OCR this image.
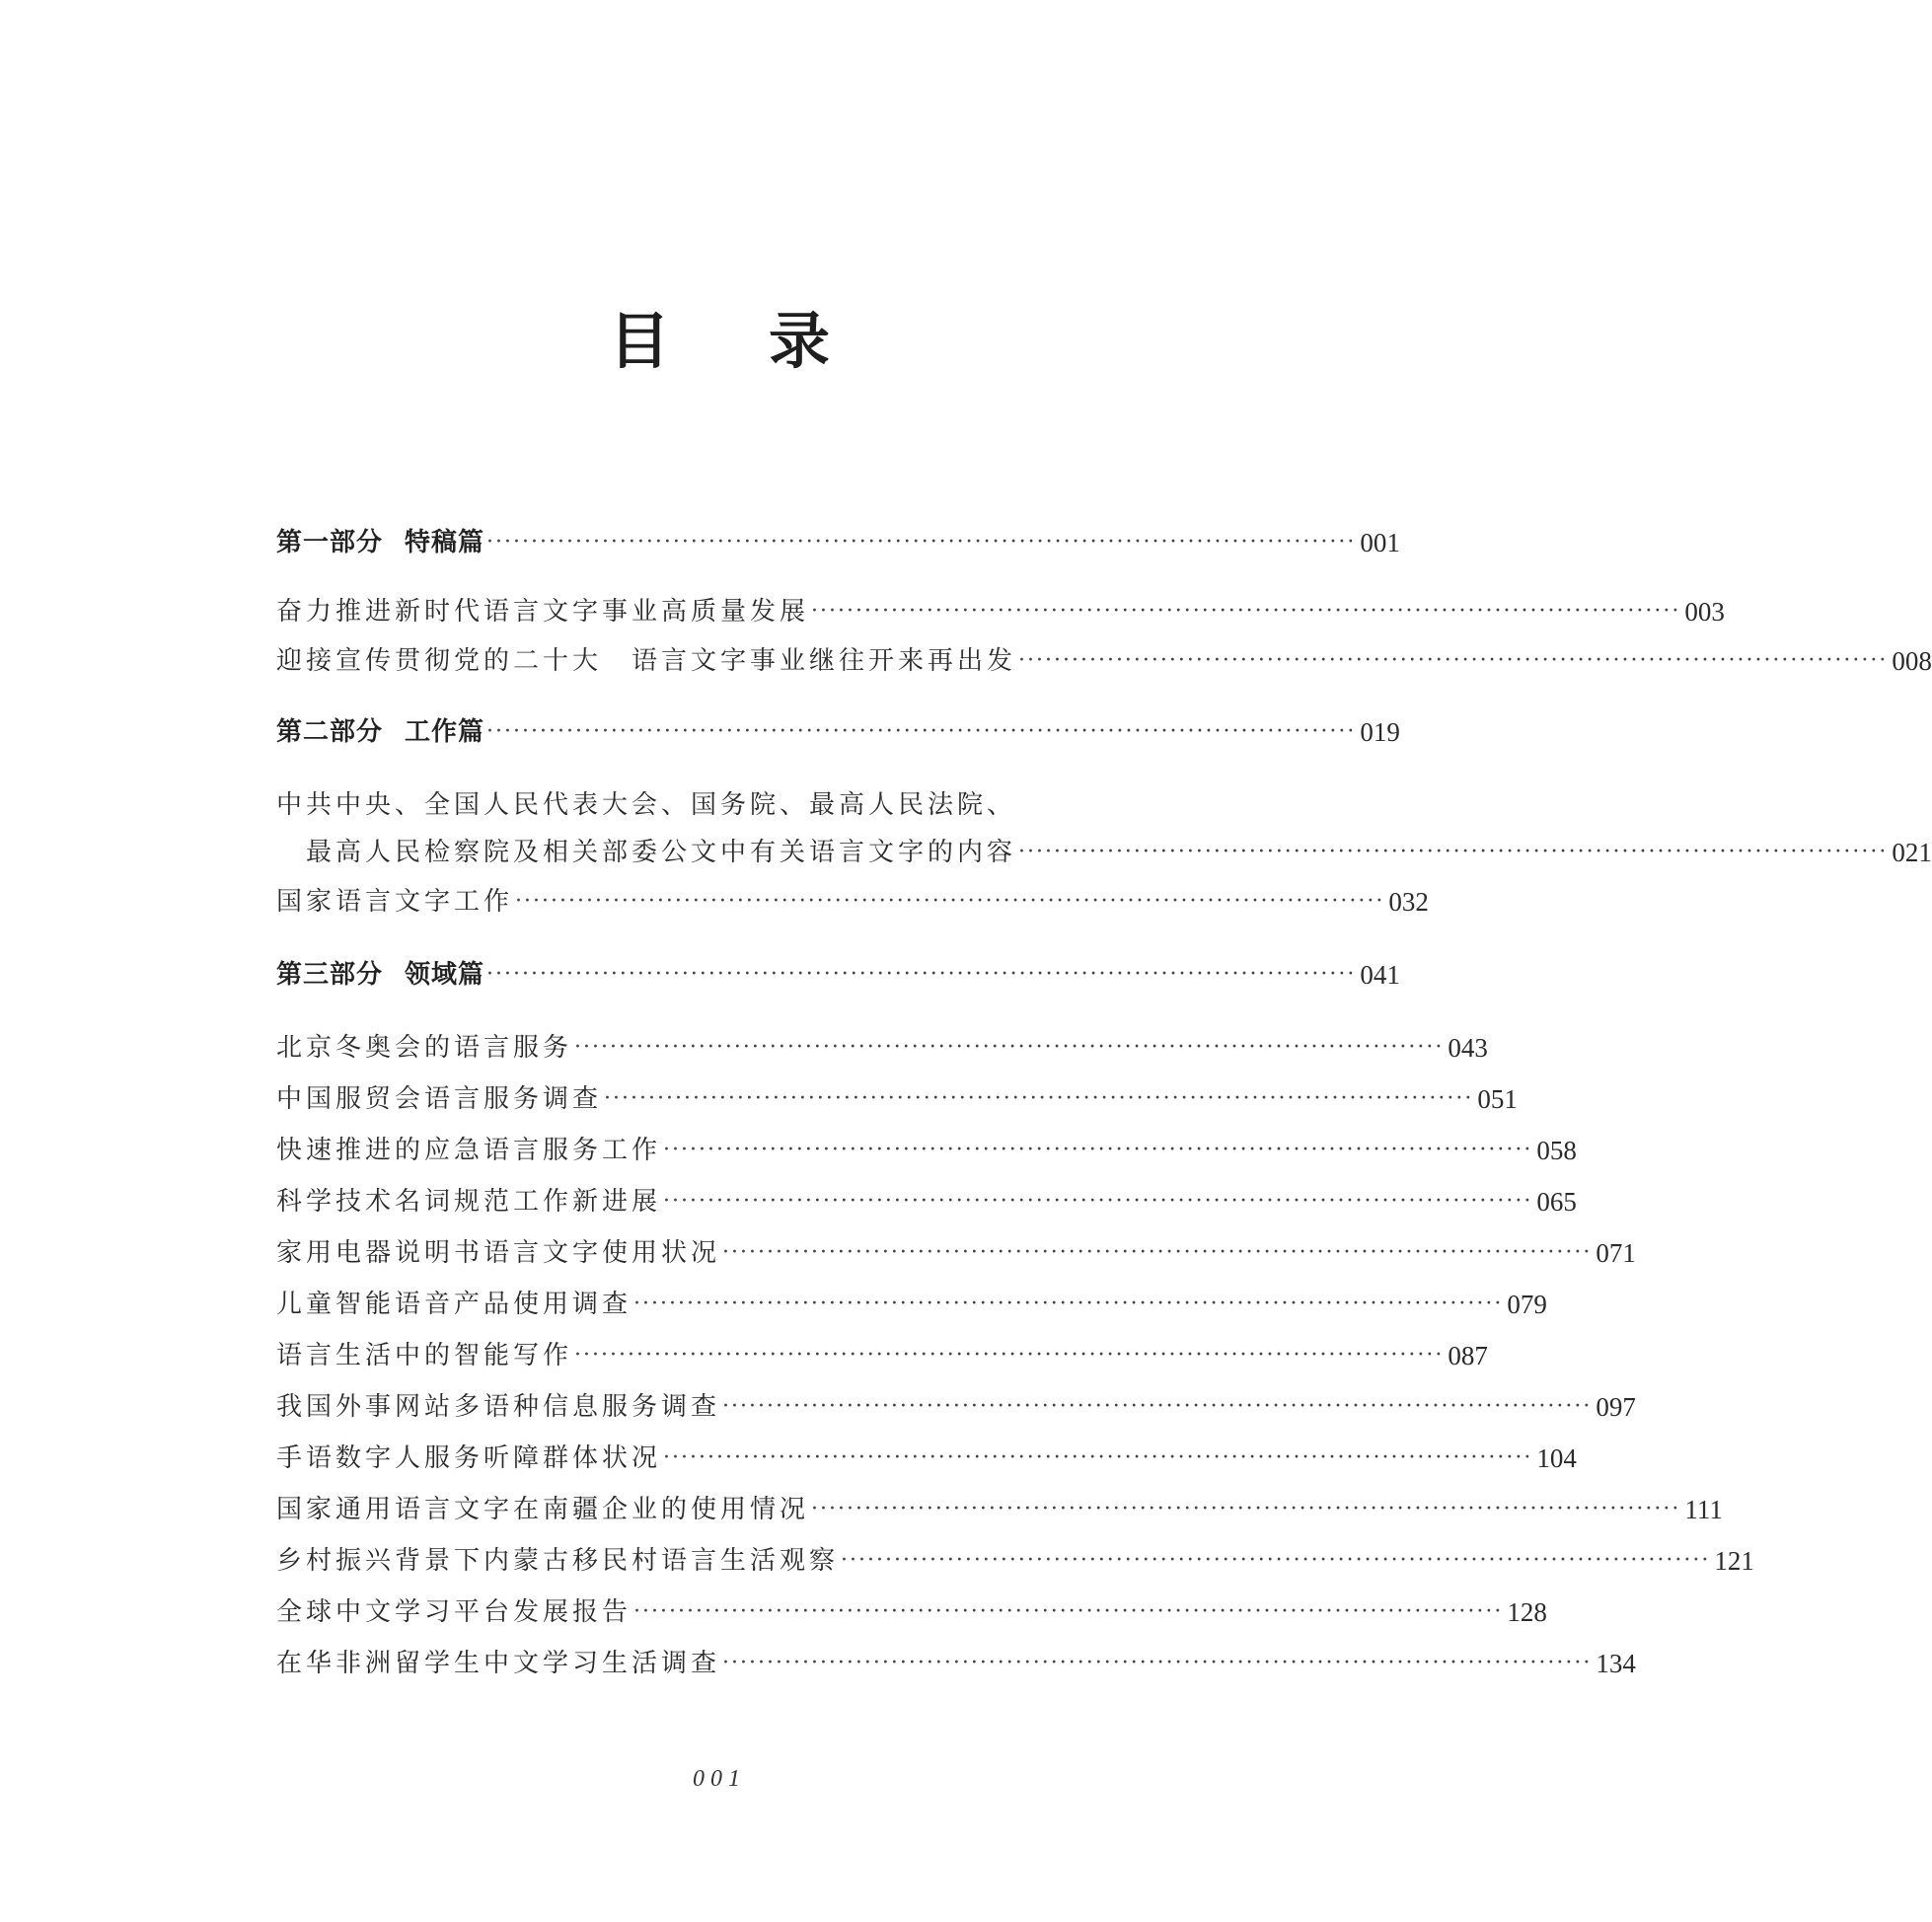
目录
第一部分 特稿篇 ·································································································· 001
奋力推进新时代语言文字事业高质量发展 ·································································································· 003
迎接宣传贯彻党的二十大　语言文字事业继往开来再出发 ·································································································· 008
第二部分 工作篇 ·································································································· 019
中共中央、全国人民代表大会、国务院、最高人民法院、
最高人民检察院及相关部委公文中有关语言文字的内容 ·································································································· 021
国家语言文字工作 ·································································································· 032
第三部分 领域篇 ·································································································· 041
北京冬奥会的语言服务 ·································································································· 043
中国服贸会语言服务调查 ·································································································· 051
快速推进的应急语言服务工作 ·································································································· 058
科学技术名词规范工作新进展 ·································································································· 065
家用电器说明书语言文字使用状况 ·································································································· 071
儿童智能语音产品使用调查 ·································································································· 079
语言生活中的智能写作 ·································································································· 087
我国外事网站多语种信息服务调查 ·································································································· 097
手语数字人服务听障群体状况 ·································································································· 104
国家通用语言文字在南疆企业的使用情况 ·································································································· 111
乡村振兴背景下内蒙古移民村语言生活观察 ·································································································· 121
全球中文学习平台发展报告 ·································································································· 128
在华非洲留学生中文学习生活调查 ·································································································· 134
001
